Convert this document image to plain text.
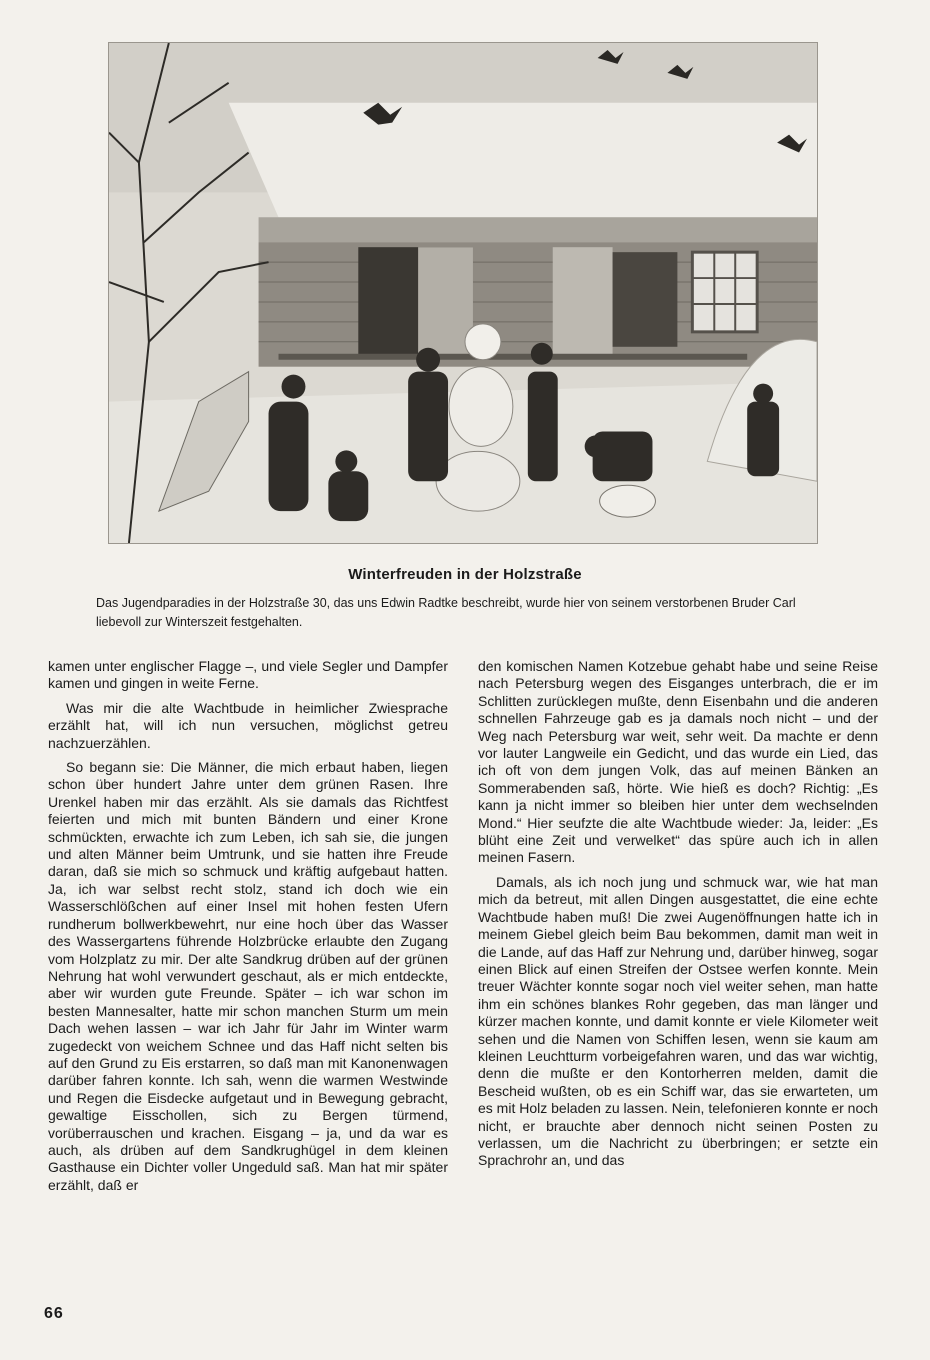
Winterfreuden in der Holzstraße
Das Jugendparadies in der Holzstraße 30, das uns Edwin Radtke beschreibt, wurde hier von seinem verstorbenen Bruder Carl liebevoll zur Winterszeit festgehalten.

kamen unter englischer Flagge –, und viele Segler und Dampfer kamen und gingen in weite Ferne.

Was mir die alte Wachtbude in heimlicher Zwiesprache erzählt hat, will ich nun versuchen, möglichst getreu nachzuerzählen.

So begann sie: Die Männer, die mich erbaut haben, liegen schon über hundert Jahre unter dem grünen Rasen. Ihre Urenkel haben mir das erzählt. Als sie damals das Richtfest feierten und mich mit bunten Bändern und einer Krone schmückten, erwachte ich zum Leben, ich sah sie, die jungen und alten Männer beim Umtrunk, und sie hatten ihre Freude daran, daß sie mich so schmuck und kräftig aufgebaut hatten. Ja, ich war selbst recht stolz, stand ich doch wie ein Wasserschlößchen auf einer Insel mit hohen festen Ufern rundherum bollwerkbewehrt, nur eine hoch über das Wasser des Wassergartens führende Holzbrücke erlaubte den Zugang vom Holzplatz zu mir. Der alte Sandkrug drüben auf der grünen Nehrung hat wohl verwundert geschaut, als er mich entdeckte, aber wir wurden gute Freunde. Später – ich war schon im besten Mannesalter, hatte mir schon manchen Sturm um mein Dach wehen lassen – war ich Jahr für Jahr im Winter warm zugedeckt von weichem Schnee und das Haff nicht selten bis auf den Grund zu Eis erstarren, so daß man mit Kanonenwagen darüber fahren konnte. Ich sah, wenn die warmen Westwinde und Regen die Eisdecke aufgetaut und in Bewegung gebracht, gewaltige Eisschollen, sich zu Bergen türmend, vorüberrauschen und krachen. Eisgang – ja, und da war es auch, als drüben auf dem Sandkrughügel in dem kleinen Gasthause ein Dichter voller Ungeduld saß. Man hat mir später erzählt, daß er

den komischen Namen Kotzebue gehabt habe und seine Reise nach Petersburg wegen des Eisganges unterbrach, die er im Schlitten zurücklegen mußte, denn Eisenbahn und die anderen schnellen Fahrzeuge gab es ja damals noch nicht – und der Weg nach Petersburg war weit, sehr weit. Da machte er denn vor lauter Langweile ein Gedicht, und das wurde ein Lied, das ich oft von dem jungen Volk, das auf meinen Bänken an Sommerabenden saß, hörte. Wie hieß es doch? Richtig: „Es kann ja nicht immer so bleiben hier unter dem wechselnden Mond.“ Hier seufzte die alte Wachtbude wieder: Ja, leider: „Es blüht eine Zeit und verwelket“ das spüre auch ich in allen meinen Fasern.

Damals, als ich noch jung und schmuck war, wie hat man mich da betreut, mit allen Dingen ausgestattet, die eine echte Wachtbude haben muß! Die zwei Augenöffnungen hatte ich in meinem Giebel gleich beim Bau bekommen, damit man weit in die Lande, auf das Haff zur Nehrung und, darüber hinweg, sogar einen Blick auf einen Streifen der Ostsee werfen konnte. Mein treuer Wächter konnte sogar noch viel weiter sehen, man hatte ihm ein schönes blankes Rohr gegeben, das man länger und kürzer machen konnte, und damit konnte er viele Kilometer weit sehen und die Namen von Schiffen lesen, wenn sie kaum am kleinen Leuchtturm vorbeigefahren waren, und das war wichtig, denn die mußte er den Kontorherren melden, damit die Bescheid wußten, ob es ein Schiff war, das sie erwarteten, um es mit Holz beladen zu lassen. Nein, telefonieren konnte er noch nicht, er brauchte aber dennoch nicht seinen Posten zu verlassen, um die Nachricht zu überbringen; er setzte ein Sprachrohr an, und das

66
